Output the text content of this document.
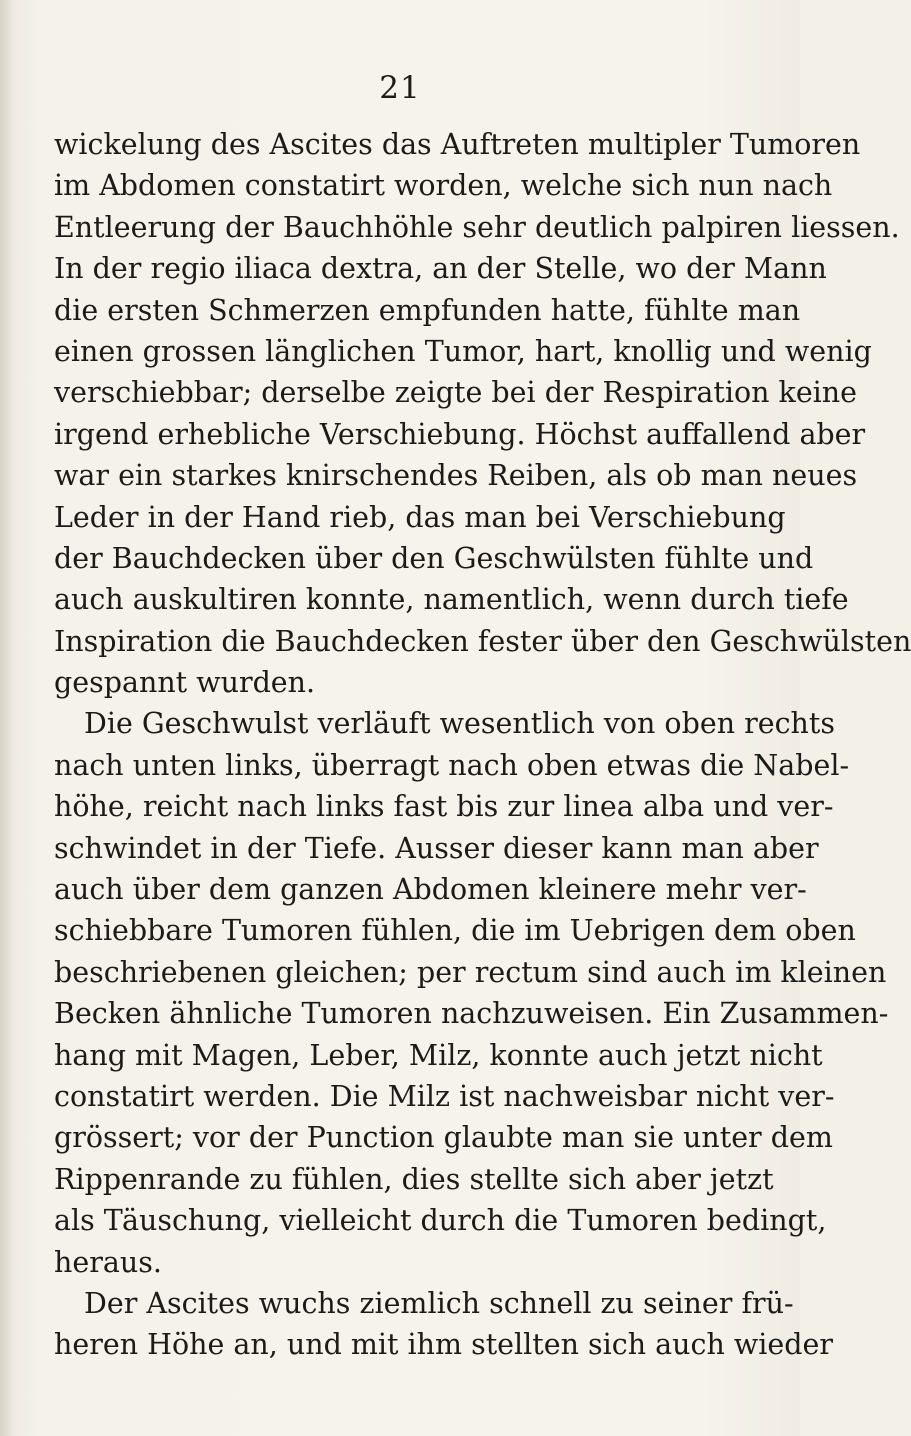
21
wickelung des Ascites das Auftreten multipler Tumoren
im Abdomen constatirt worden, welche sich nun nach
Entleerung der Bauchhöhle sehr deutlich palpiren liessen.
In der regio iliaca dextra, an der Stelle, wo der Mann
die ersten Schmerzen empfunden hatte, fühlte man
einen grossen länglichen Tumor, hart, knollig und wenig
verschiebbar; derselbe zeigte bei der Respiration keine
irgend erhebliche Verschiebung. Höchst auffallend aber
war ein starkes knirschendes Reiben, als ob man neues
Leder in der Hand rieb, das man bei Verschiebung
der Bauchdecken über den Geschwülsten fühlte und
auch auskultiren konnte, namentlich, wenn durch tiefe
Inspiration die Bauchdecken fester über den Geschwülsten
gespannt wurden.
Die Geschwulst verläuft wesentlich von oben rechts
nach unten links, überragt nach oben etwas die Nabel-
höhe, reicht nach links fast bis zur linea alba und ver-
schwindet in der Tiefe. Ausser dieser kann man aber
auch über dem ganzen Abdomen kleinere mehr ver-
schiebbare Tumoren fühlen, die im Uebrigen dem oben
beschriebenen gleichen; per rectum sind auch im kleinen
Becken ähnliche Tumoren nachzuweisen. Ein Zusammen-
hang mit Magen, Leber, Milz, konnte auch jetzt nicht
constatirt werden. Die Milz ist nachweisbar nicht ver-
grössert; vor der Punction glaubte man sie unter dem
Rippenrande zu fühlen, dies stellte sich aber jetzt
als Täuschung, vielleicht durch die Tumoren bedingt,
heraus.
Der Ascites wuchs ziemlich schnell zu seiner frü-
heren Höhe an, und mit ihm stellten sich auch wieder
